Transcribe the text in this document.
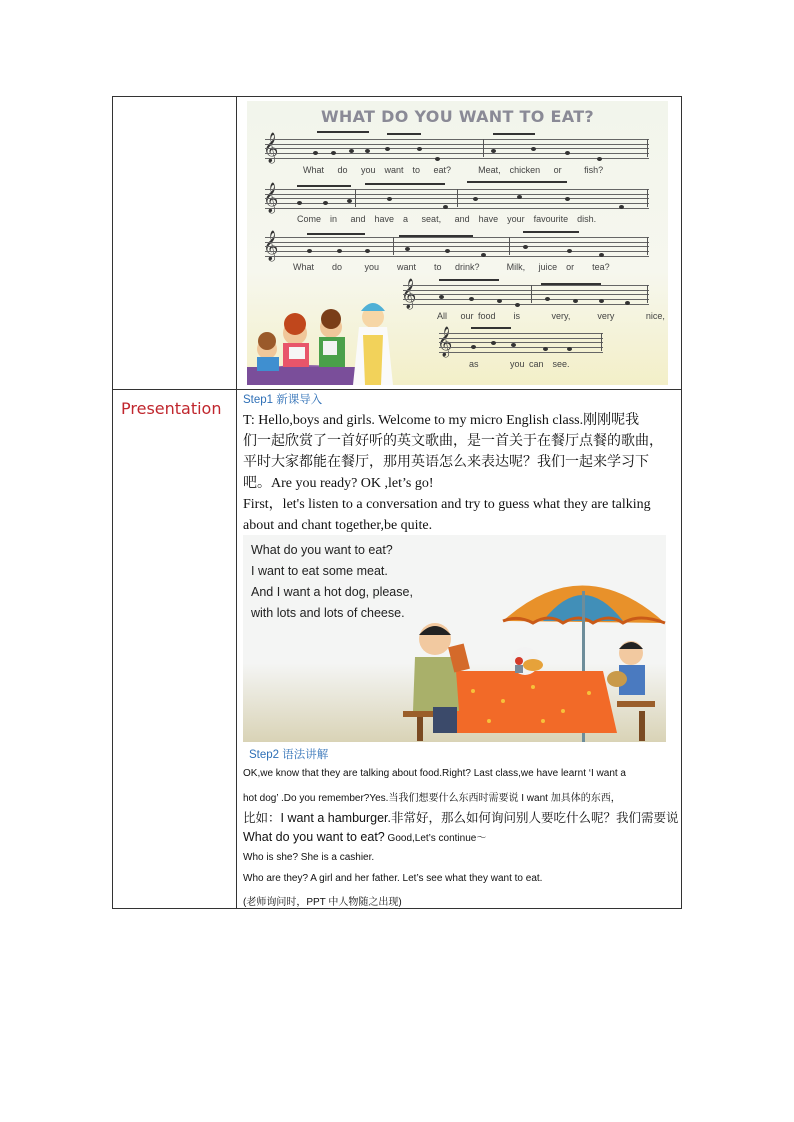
Presentation
WHAT DO YOU WANT TO EAT?
𝄞
What   do   you  want  to   eat?      Meat,  chicken   or     fish?
𝄞
Come  in   and  have  a   seat,   and  have  your  favourite  dish.
𝄞
What    do     you    want    to   drink?      Milk,   juice  or    tea?
𝄞
All   our food    is       very,      very       nice,
𝄞
as       you can  see.
Step1 新课导入
T: Hello,boys and girls. Welcome to my micro English class.刚刚呢我
们一起欣赏了一首好听的英文歌曲，是一首关于在餐厅点餐的歌曲，
平时大家都能在餐厅，那用英语怎么来表达呢？我们一起来学习下
吧。Are you ready? OK ,let’s go!
First，let's listen to a conversation and try to guess what they are talking
about and chant together,be quite.
What do you want to eat?
I want to eat some meat.
And I want a hot dog, please,
with lots and lots of cheese.
Step2 语法讲解
OK,we know that they are talking about food.Right? Last class,we have learnt ‘I want a
hot dog’ .Do you remember?Yes.当我们想要什么东西时需要说 I want 加具体的东西，
比如：I want a hamburger.非常好，那么如何询问别人要吃什么呢？我们需要说
What do you want to eat? Good,Let’s continue～
Who is she? She is a cashier.
Who are they? A girl and her father. Let’s see what they want to eat.
(老师询问时，PPT 中人物随之出现)
